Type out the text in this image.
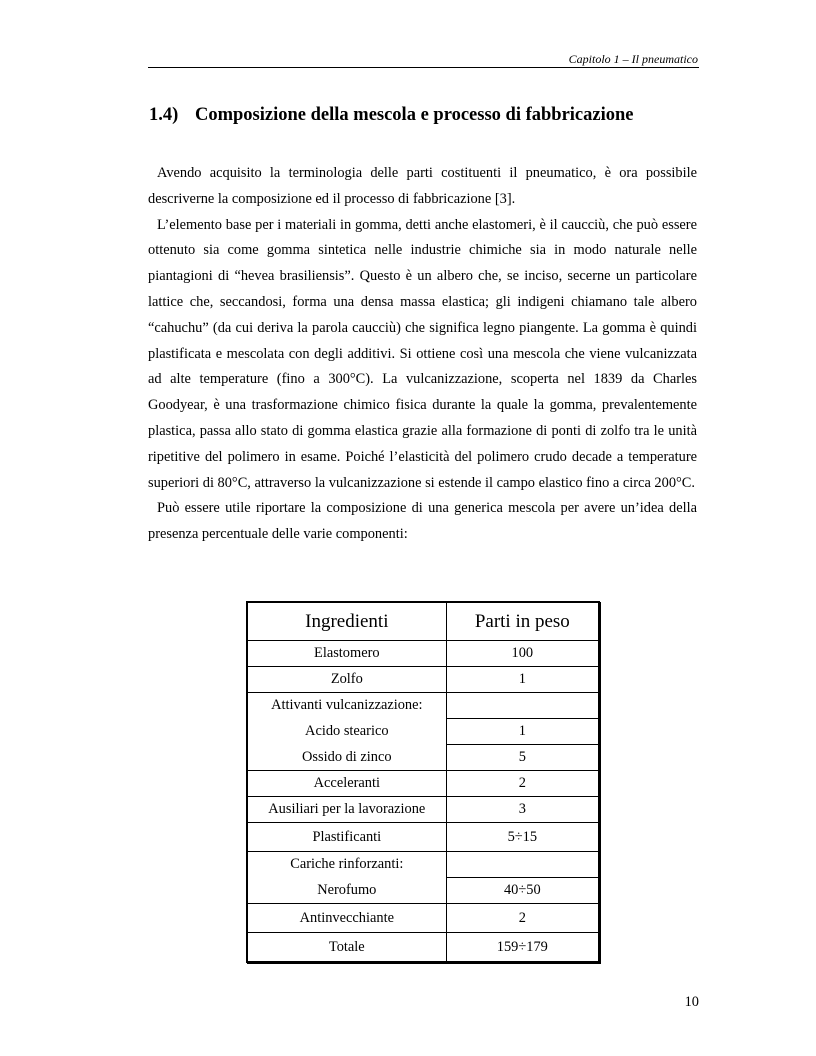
Capitolo 1 – Il pneumatico
1.4) Composizione della mescola e processo di fabbricazione

Avendo acquisito la terminologia delle parti costituenti il pneumatico, è ora possibile descriverne la composizione ed il processo di fabbricazione [3].

L’elemento base per i materiali in gomma, detti anche elastomeri, è il caucciù, che può essere ottenuto sia come gomma sintetica nelle industrie chimiche sia in modo naturale nelle piantagioni di “hevea brasiliensis”. Questo è un albero che, se inciso, secerne un particolare lattice che, seccandosi, forma una densa massa elastica; gli indigeni chiamano tale albero “cahuchu” (da cui deriva la parola caucciù) che significa legno piangente. La gomma è quindi plastificata e mescolata con degli additivi. Si ottiene così una mescola che viene vulcanizzata ad alte temperature (fino a 300°C). La vulcanizzazione, scoperta nel 1839 da Charles Goodyear, è una trasformazione chimico fisica durante la quale la gomma, prevalentemente plastica, passa allo stato di gomma elastica grazie alla formazione di ponti di zolfo tra le unità ripetitive del polimero in esame. Poiché l’elasticità del polimero crudo decade a temperature superiori di 80°C, attraverso la vulcanizzazione si estende il campo elastico fino a circa 200°C.

Può essere utile riportare la composizione di una generica mescola per avere un’idea della presenza percentuale delle varie componenti:

Ingredienti	Parti in peso
Elastomero	100
Zolfo	1
Attivanti vulcanizzazione:	
Acido stearico	1
Ossido di zinco	5
Acceleranti	2
Ausiliari per la lavorazione	3
Plastificanti	5÷15
Cariche rinforzanti:	
Nerofumo	40÷50
Antinvecchiante	2
Totale	159÷179
10
